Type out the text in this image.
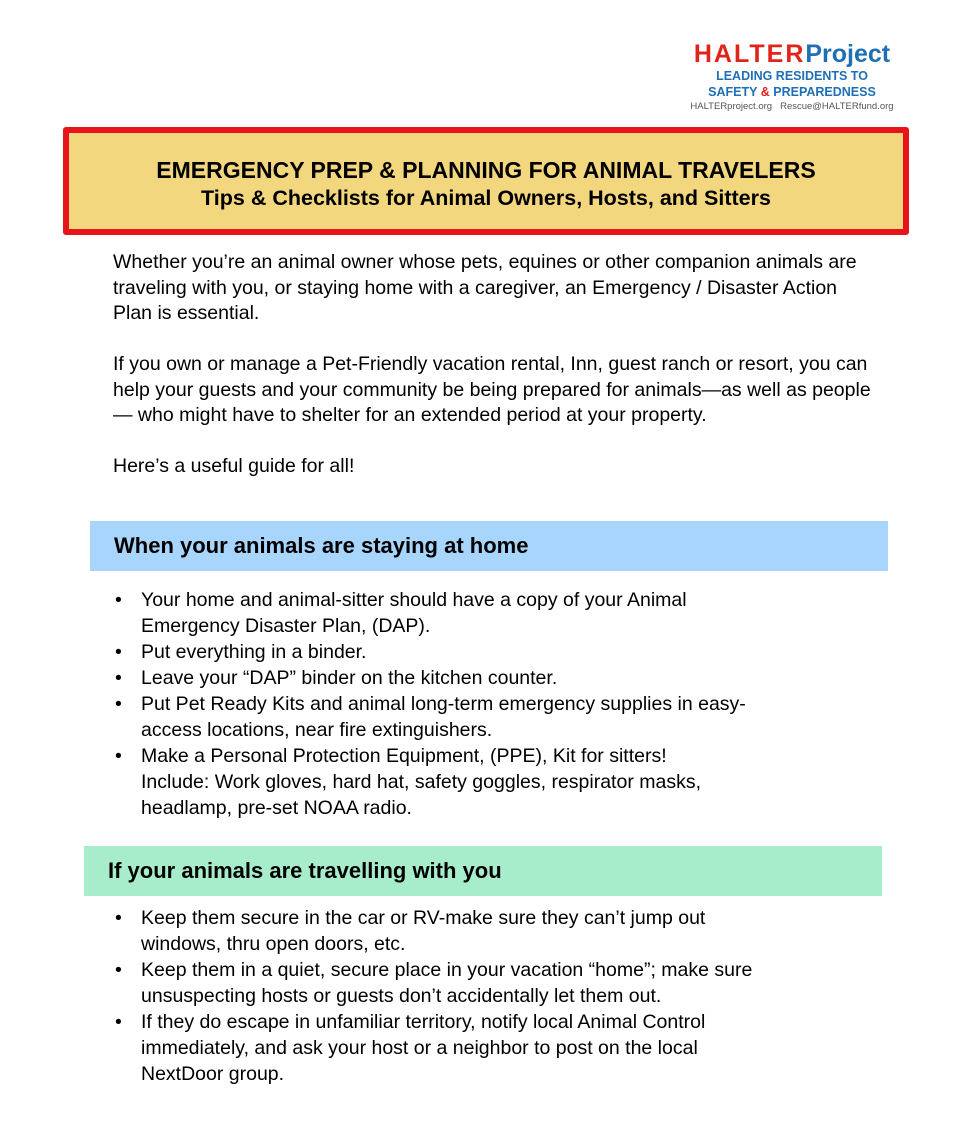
HALTERProject
LEADING RESIDENTS TO
SAFETY & PREPAREDNESS
HALTERproject.org Rescue@HALTERfund.org
EMERGENCY PREP & PLANNING FOR ANIMAL TRAVELERS
Tips & Checklists for Animal Owners, Hosts, and Sitters

Whether you’re an animal owner whose pets, equines or other companion animals are traveling with you, or staying home with a caregiver, an Emergency / Disaster Action Plan is essential.

If you own or manage a Pet-Friendly vacation rental, Inn, guest ranch or resort, you can help your guests and your community be being prepared for animals—as well as people — who might have to shelter for an extended period at your property.

Here’s a useful guide for all!

When your animals are staying at home
• Your home and animal-sitter should have a copy of your Animal
Emergency Disaster Plan, (DAP).
• Put everything in a binder.
• Leave your “DAP” binder on the kitchen counter.
• Put Pet Ready Kits and animal long-term emergency supplies in easy-
access locations, near fire extinguishers.
• Make a Personal Protection Equipment, (PPE), Kit for sitters!
Include: Work gloves, hard hat, safety goggles, respirator masks,
headlamp, pre-set NOAA radio.
If your animals are travelling with you
• Keep them secure in the car or RV-make sure they can’t jump out
windows, thru open doors, etc.
• Keep them in a quiet, secure place in your vacation “home”; make sure
unsuspecting hosts or guests don’t accidentally let them out.
• If they do escape in unfamiliar territory, notify local Animal Control
immediately, and ask your host or a neighbor to post on the local
NextDoor group.
